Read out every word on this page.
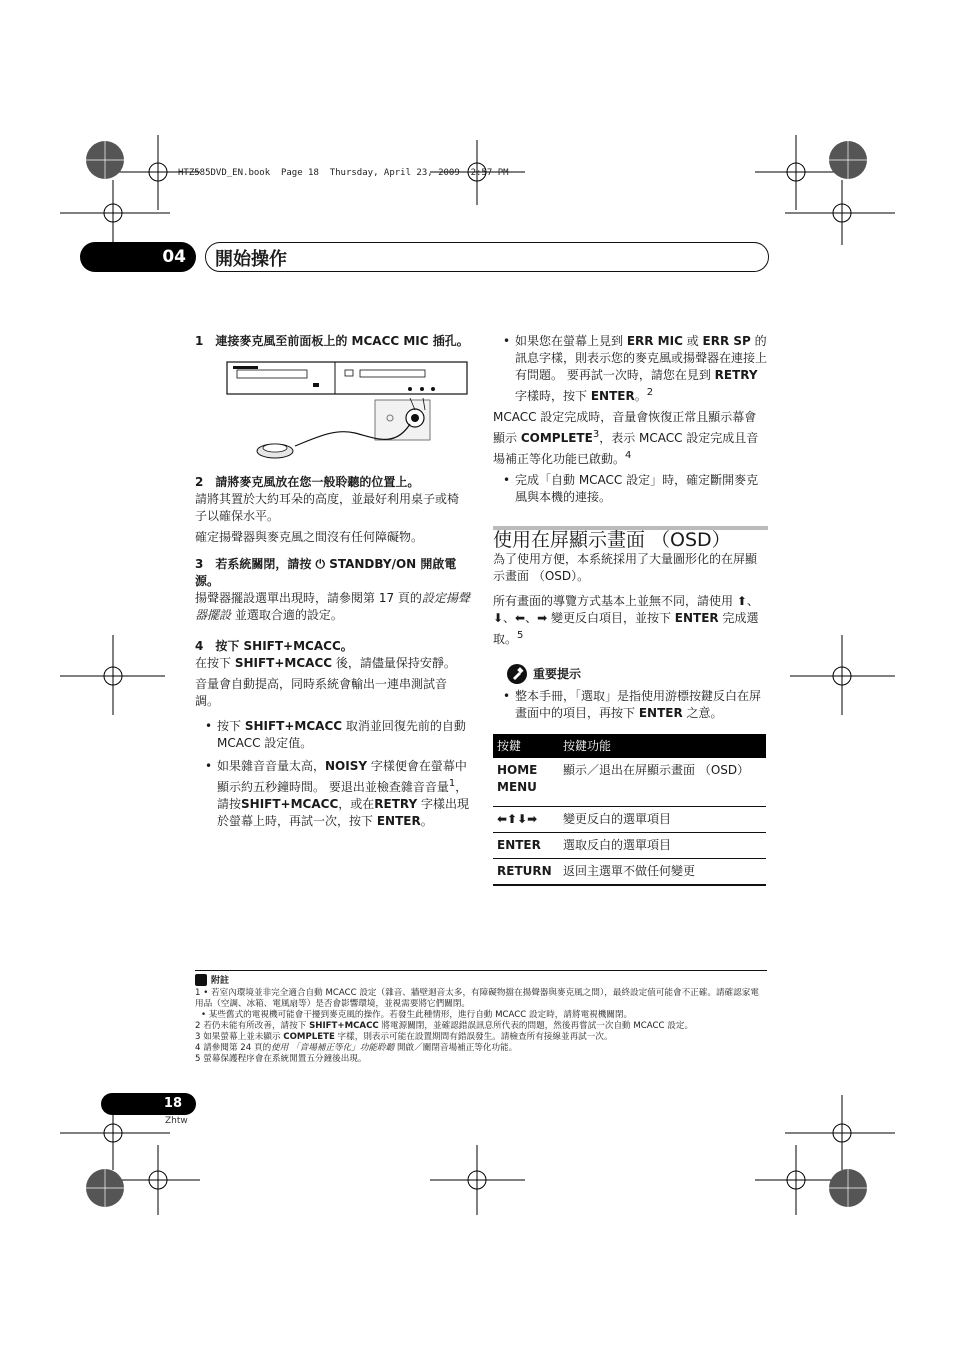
HTZ585DVD_EN.book  Page 18  Thursday, April 23, 2009  2:57 PM
04	開始操作

1　連接麥克風至前面板上的 MCACC MIC 插孔。

2　請將麥克風放在您一般聆聽的位置上。

請將其置於大約耳朵的高度，並最好利用桌子或椅子以確保水平。

確定揚聲器與麥克風之間沒有任何障礙物。

3　若系統關閉，請按 ⏻ STANDBY/ON 開啟電源。

揚聲器擺設選單出現時，請參閱第 17 頁的設定揚聲器擺設 並選取合適的設定。

4　按下 SHIFT+MCACC。

在按下 SHIFT+MCACC 後，請儘量保持安靜。

音量會自動提高，同時系統會輸出一連串測試音調。

• 按下 SHIFT+MCACC 取消並回復先前的自動 MCACC 設定值。

• 如果雜音音量太高，NOISY 字樣便會在螢幕中顯示約五秒鐘時間。 要退出並檢查雜音音量$^1$，請按SHIFT+MCACC，或在RETRY 字樣出現於螢幕上時，再試一次，按下 ENTER。

• 如果您在螢幕上見到 ERR MIC 或 ERR SP 的訊息字樣，則表示您的麥克風或揚聲器在連接上有問題。 要再試一次時，請您在見到 RETRY 字樣時，按下 ENTER。$^2$

MCACC 設定完成時，音量會恢復正常且顯示幕會顯示 COMPLETE$^3$，表示 MCACC 設定完成且音場補正等化功能已啟動。$^4$

• 完成「自動 MCACC 設定」時，確定斷開麥克風與本機的連接。

使用在屏顯示畫面 （OSD）

為了使用方便，本系統採用了大量圖形化的在屏顯示畫面 （OSD）。

所有畫面的導覽方式基本上並無不同，請使用 ⬆、⬇、⬅、➡ 變更反白項目，並按下 ENTER 完成選取。$^5$

重要提示

• 整本手冊，「選取」是指使用游標按鍵反白在屏畫面中的項目，再按下 ENTER 之意。

按鍵	按鍵功能
HOME MENU	顯示／退出在屏顯示畫面 （OSD）
⬅⬆⬇➡	變更反白的選單項目
ENTER	選取反白的選單項目
RETURN	返回主選單不做任何變更
附註
1 • 若室內環境並非完全適合自動 MCACC 設定（雜音、牆壁迴音太多，有障礙物擋在揚聲器與麥克風之間），最終設定值可能會不正確。請確認家電用品（空調、冰箱、電風扇等）是否會影響環境，並視需要將它們關閉。
• 某些舊式的電視機可能會干擾到麥克風的操作。若發生此種情形，進行自動 MCACC 設定時，請將電視機關閉。
2 若仍未能有所改善，請按下 SHIFT+MCACC 將電源關閉，並確認錯誤訊息所代表的問題，然後再嘗試一次自動 MCACC 設定。
3 如果螢幕上並未顯示 COMPLETE 字樣，則表示可能在設置期間有錯誤發生。請檢查所有接線並再試一次。
4 請參閱第 24 頁的使用 「音場補正等化」功能聆聽 開啟／關閉音場補正等化功能。
5 螢幕保護程序會在系統閒置五分鐘後出現。
18
Zhtw
